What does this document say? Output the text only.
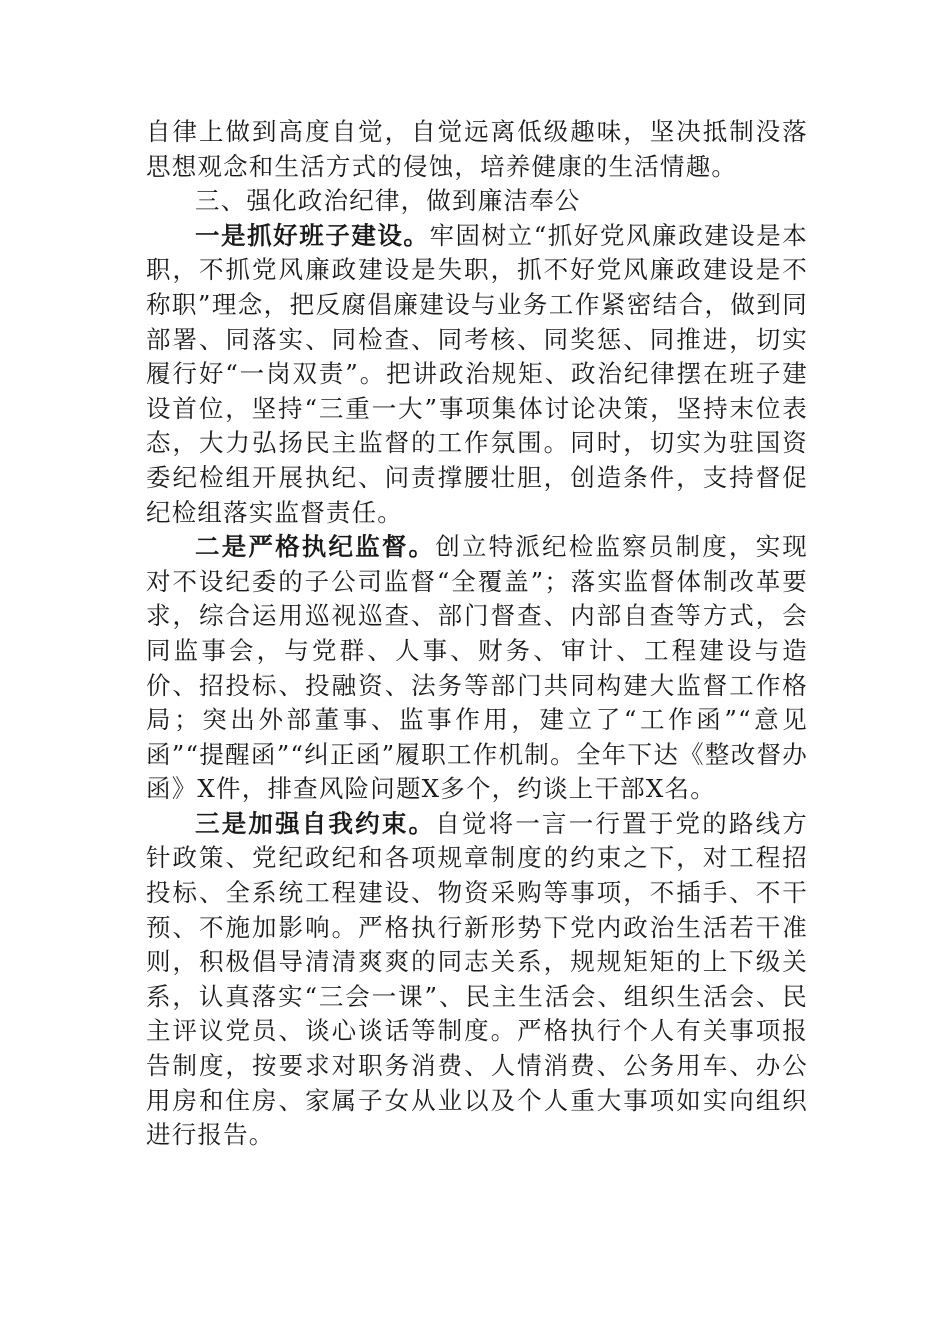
自律上做到高度自觉，自觉远离低级趣味，坚决抵制没落思想观念和生活方式的侵蚀，培养健康的生活情趣。

三、强化政治纪律，做到廉洁奉公

一是抓好班子建设。牢固树立“抓好党风廉政建设是本职，不抓党风廉政建设是失职，抓不好党风廉政建设是不称职”理念，把反腐倡廉建设与业务工作紧密结合，做到同部署、同落实、同检查、同考核、同奖惩、同推进，切实履行好“一岗双责”。把讲政治规矩、政治纪律摆在班子建设首位，坚持“三重一大”事项集体讨论决策，坚持末位表态，大力弘扬民主监督的工作氛围。同时，切实为驻国资委纪检组开展执纪、问责撑腰壮胆，创造条件，支持督促纪检组落实监督责任。

二是严格执纪监督。创立特派纪检监察员制度，实现对不设纪委的子公司监督“全覆盖”；落实监督体制改革要求，综合运用巡视巡查、部门督查、内部自查等方式，会同监事会，与党群、人事、财务、审计、工程建设与造价、招投标、投融资、法务等部门共同构建大监督工作格局；突出外部董事、监事作用，建立了“工作函”“意见函”“提醒函”“纠正函”履职工作机制。全年下达《整改督办函》X件，排查风险问题X多个，约谈上干部X名。

三是加强自我约束。自觉将一言一行置于党的路线方针政策、党纪政纪和各项规章制度的约束之下，对工程招投标、全系统工程建设、物资采购等事项，不插手、不干预、不施加影响。严格执行新形势下党内政治生活若干准则，积极倡导清清爽爽的同志关系，规规矩矩的上下级关系，认真落实“三会一课”、民主生活会、组织生活会、民主评议党员、谈心谈话等制度。严格执行个人有关事项报告制度，按要求对职务消费、人情消费、公务用车、办公用房和住房、家属子女从业以及个人重大事项如实向组织进行报告。
